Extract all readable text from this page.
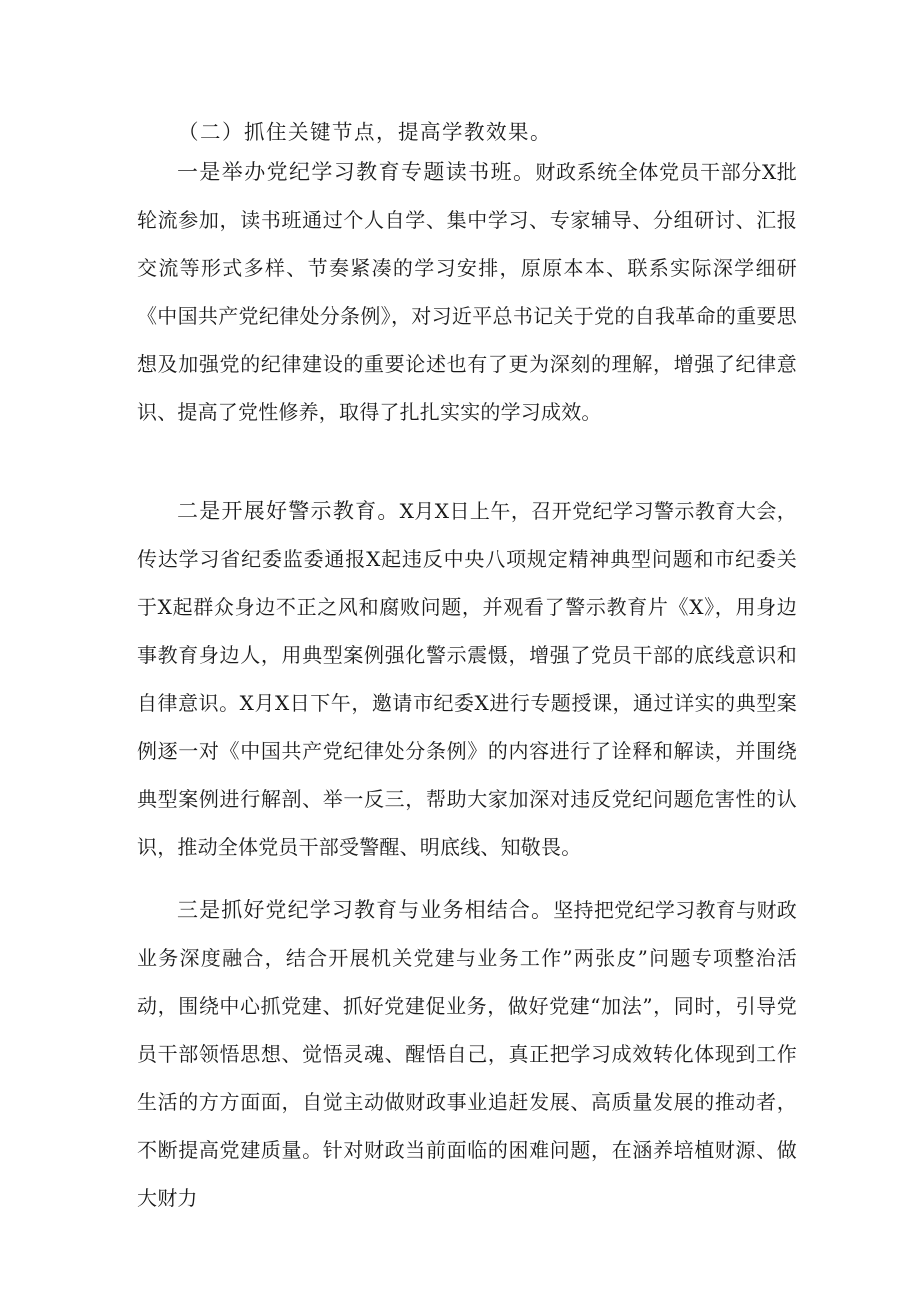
（二）抓住关键节点，提高学教效果。

一是举办党纪学习教育专题读书班。财政系统全体党员干部分X批轮流参加，读书班通过个人自学、集中学习、专家辅导、分组研讨、汇报交流等形式多样、节奏紧凑的学习安排，原原本本、联系实际深学细研《中国共产党纪律处分条例》，对习近平总书记关于党的自我革命的重要思想及加强党的纪律建设的重要论述也有了更为深刻的理解，增强了纪律意识、提高了党性修养，取得了扎扎实实的学习成效。

二是开展好警示教育。X月X日上午，召开党纪学习警示教育大会，传达学习省纪委监委通报X起违反中央八项规定精神典型问题和市纪委关于X起群众身边不正之风和腐败问题，并观看了警示教育片《X》，用身边事教育身边人，用典型案例强化警示震慑，增强了党员干部的底线意识和自律意识。X月X日下午，邀请市纪委X进行专题授课，通过详实的典型案例逐一对《中国共产党纪律处分条例》的内容进行了诠释和解读，并围绕典型案例进行解剖、举一反三，帮助大家加深对违反党纪问题危害性的认识，推动全体党员干部受警醒、明底线、知敬畏。

三是抓好党纪学习教育与业务相结合。坚持把党纪学习教育与财政业务深度融合，结合开展机关党建与业务工作”两张皮”问题专项整治活动，围绕中心抓党建、抓好党建促业务，做好党建“加法”，同时，引导党员干部领悟思想、觉悟灵魂、醒悟自己，真正把学习成效转化体现到工作生活的方方面面，自觉主动做财政事业追赶发展、高质量发展的推动者，不断提高党建质量。针对财政当前面临的困难问题，在涵养培植财源、做大财力
